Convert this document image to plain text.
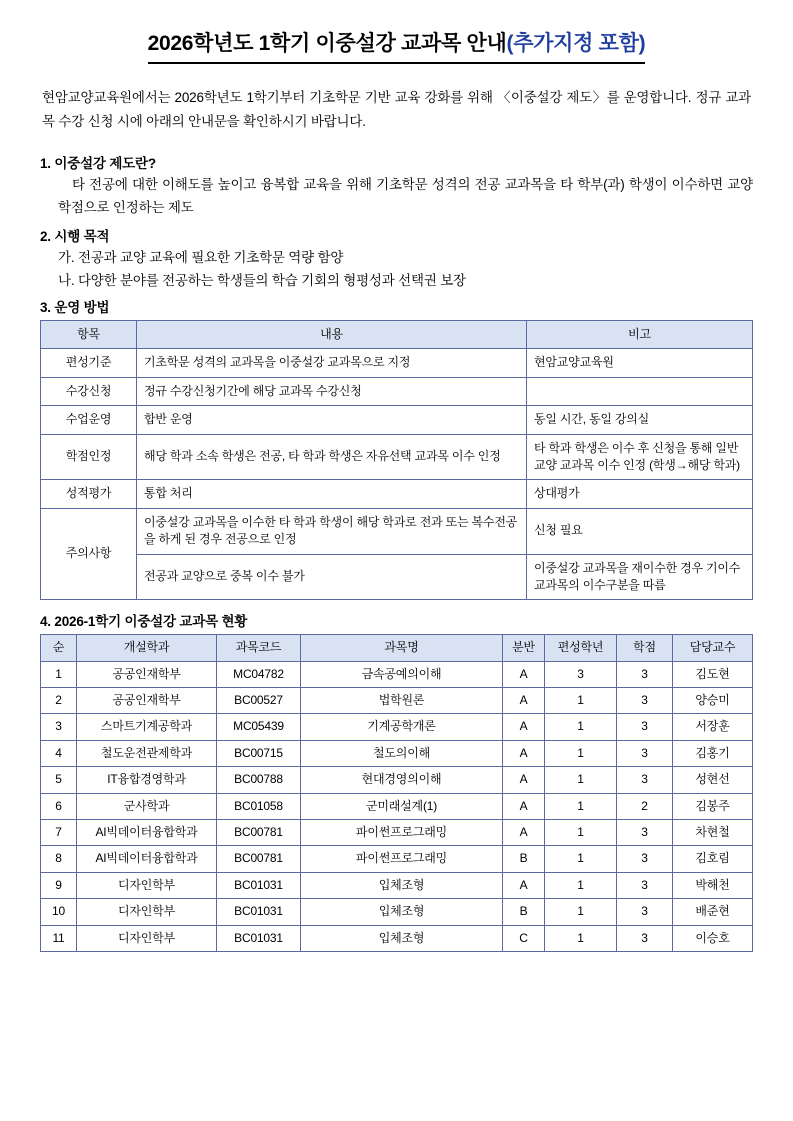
2026학년도 1학기 이중설강 교과목 안내(추가지정 포함)

현암교양교육원에서는 2026학년도 1학기부터 기초학문 기반 교육 강화를 위해 〈이중설강 제도〉를 운영합니다. 정규 교과목 수강 신청 시에 아래의 안내문을 확인하시기 바랍니다.

1. 이중설강 제도란?
타 전공에 대한 이해도를 높이고 융복합 교육을 위해 기초학문 성격의 전공 교과목을 타 학부(과) 학생이 이수하면 교양 학점으로 인정하는 제도
2. 시행 목적
가. 전공과 교양 교육에 필요한 기초학문 역량 함양
나. 다양한 분야를 전공하는 학생들의 학습 기회의 형평성과 선택권 보장
3. 운영 방법
항목	내용	비고
편성기준	기초학문 성격의 교과목을 이중설강 교과목으로 지정	현암교양교육원
수강신청	정규 수강신청기간에 해당 교과목 수강신청	
수업운영	합반 운영	동일 시간, 동일 강의실
학점인정	해당 학과 소속 학생은 전공, 타 학과 학생은 자유선택 교과목 이수 인정	타 학과 학생은 이수 후 신청을 통해 일반교양 교과목 이수 인정 (학생→해당 학과)
성적평가	통합 처리	상대평가
주의사항	이중설강 교과목을 이수한 타 학과 학생이 해당 학과로 전과 또는 복수전공을 하게 된 경우 전공으로 인정	신청 필요
	전공과 교양으로 중복 이수 불가	이중설강 교과목을 재이수한 경우 기이수 교과목의 이수구분을 따름
4. 2026-1학기 이중설강 교과목 현황
순	개설학과	과목코드	과목명	분반	편성학년	학점	담당교수
1	공공인재학부	MC04782	금속공예의이해	A	3	3	김도현
2	공공인재학부	BC00527	법학원론	A	1	3	양승미
3	스마트기계공학과	MC05439	기계공학개론	A	1	3	서장훈
4	철도운전관제학과	BC00715	철도의이해	A	1	3	김홍기
5	IT융합경영학과	BC00788	현대경영의이해	A	1	3	성현선
6	군사학과	BC01058	군미래설계(1)	A	1	2	김봉주
7	AI빅데이터융합학과	BC00781	파이썬프로그래밍	A	1	3	차현철
8	AI빅데이터융합학과	BC00781	파이썬프로그래밍	B	1	3	김호림
9	디자인학부	BC01031	입체조형	A	1	3	박해천
10	디자인학부	BC01031	입체조형	B	1	3	배준현
11	디자인학부	BC01031	입체조형	C	1	3	이승호
